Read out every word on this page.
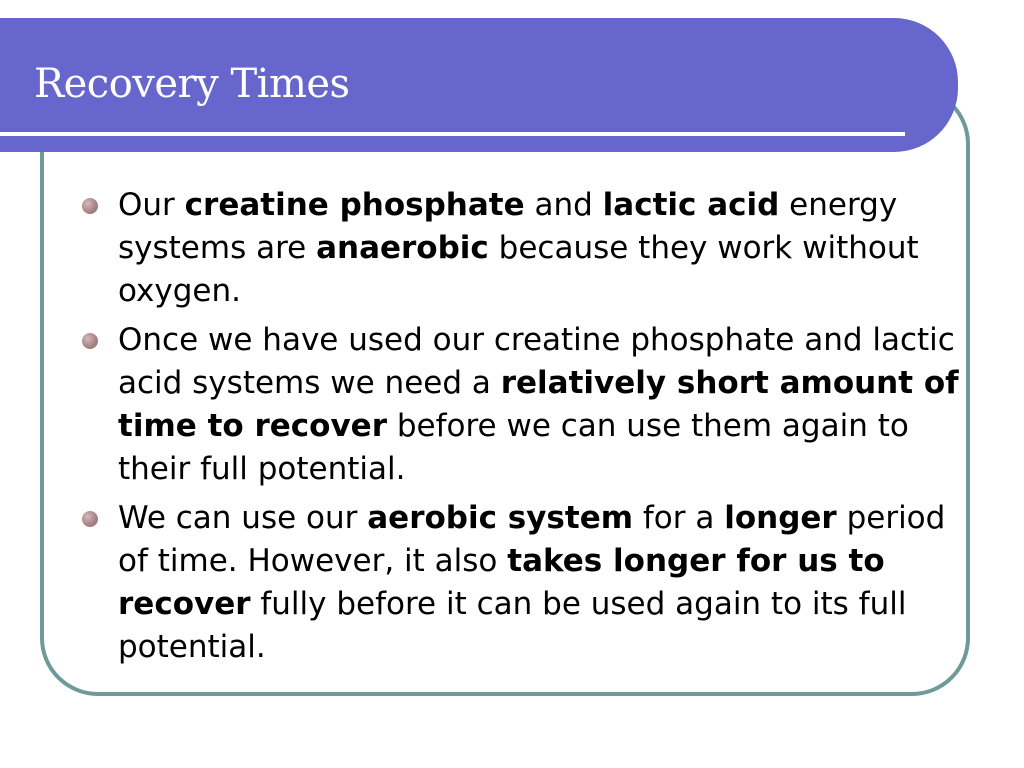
Recovery Times
Our creatine phosphate and lactic acid energy systems are anaerobic because they work without oxygen.
Once we have used our creatine phosphate and lactic acid systems we need a relatively short amount of time to recover before we can use them again to their full potential.
We can use our aerobic system for a longer period of time. However, it also takes longer for us to recover fully before it can be used again to its full potential.
